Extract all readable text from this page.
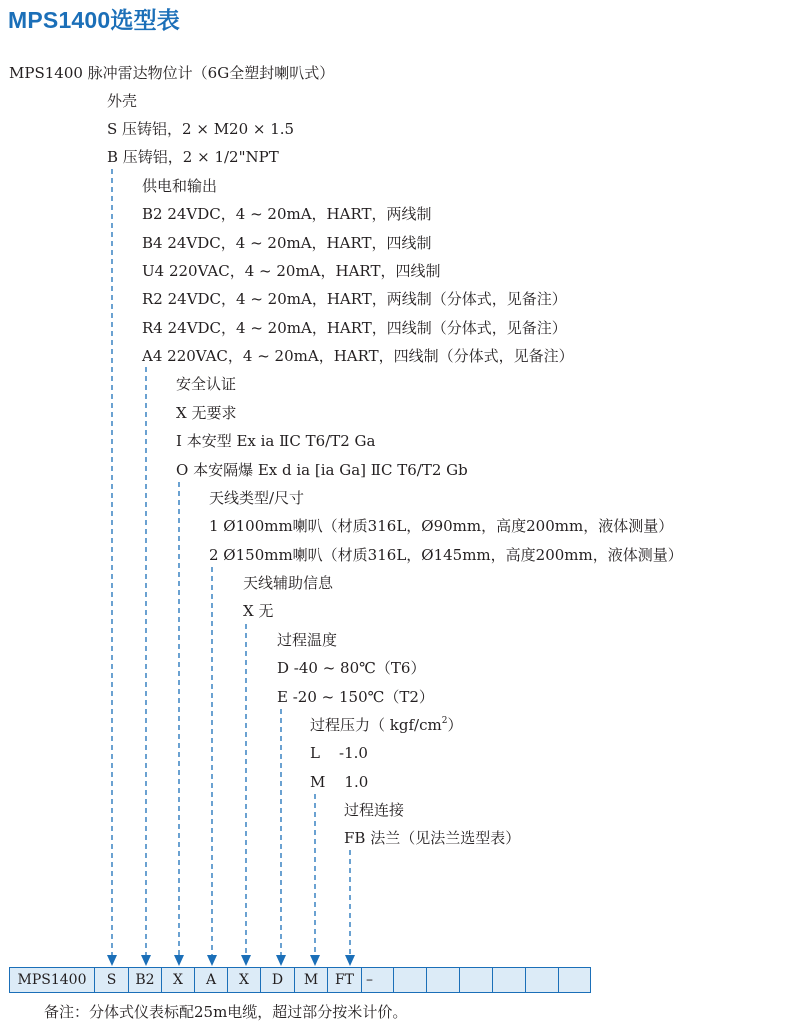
MPS1400选型表
MPS1400 脉冲雷达物位计（6G全塑封喇叭式）
外壳
S 压铸铝，2 × M20 × 1.5
B 压铸铝，2 × 1/2"NPT
供电和输出
B2 24VDC，4 ~ 20mA，HART，两线制
B4 24VDC，4 ~ 20mA，HART，四线制
U4 220VAC，4 ~ 20mA，HART，四线制
R2 24VDC，4 ~ 20mA，HART，两线制（分体式，见备注）
R4 24VDC，4 ~ 20mA，HART，四线制（分体式，见备注）
A4 220VAC，4 ~ 20mA，HART，四线制（分体式，见备注）
安全认证
X 无要求
I 本安型 Ex ia ⅡC T6/T2 Ga
O 本安隔爆 Ex d ia [ia Ga] ⅡC T6/T2 Gb
天线类型/尺寸
1 Ø100mm喇叭（材质316L，Ø90mm，高度200mm，液体测量）
2 Ø150mm喇叭（材质316L，Ø145mm，高度200mm，液体测量）
天线辅助信息
X 无
过程温度
D -40 ~ 80℃（T6）
E -20 ~ 150℃（T2）
过程压力（ kgf/$cm^2$）
L    -1.0
M    1.0
过程连接
FB 法兰（见法兰选型表）
MPS1400	S	B2	X	A	X	D	M	FT –
备注：分体式仪表标配25m电缆，超过部分按米计价。
